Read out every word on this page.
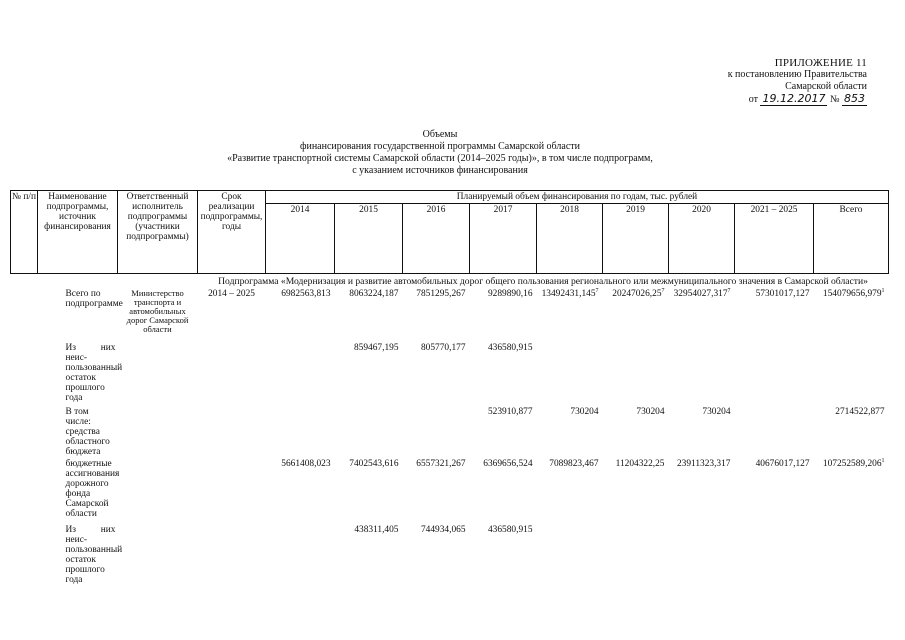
ПРИЛОЖЕНИЕ 11
к постановлению Правительства
Самарской области
от 19.12.2017 № 853
Объемы
финансирования государственной программы Самарской области
«Развитие транспортной системы Самарской области (2014–2025 годы)», в том числе подпрограмм,
с указанием источников финансирования
№ п/п	Наименование подпрограммы, источник финансирования	Ответственный исполнитель подпрограммы (участники подпрограммы)	Срок реализации подпрограммы, годы	Планируемый объем финансирования по годам, тыс. рублей								
				2014	2015	2016	2017	2018	2019	2020	2021 – 2025	Всего
			Подпрограмма «Модернизация и развитие автомобильных дорог общего пользования регионального или межмуниципального значения в Самарской области»									
	Всего по подпрограмме	Министерство транспорта и автомобильных дорог Самарской области	2014 – 2025	6982563,813	8063224,187	7851295,267	9289890,16	13492431,145$^7$	20247026,25$^7$	32954027,317$^7$	57301017,127	154079656,979$^1$
	Из них неис- пользованный остаток прошлого года				859467,195	805770,177	436580,915					
	В том числе: средства областного бюджета						523910,877	730204	730204	730204		2714522,877
	бюджетные ассигнования дорожного фонда Самарской области			5661408,023	7402543,616	6557321,267	6369656,524	7089823,467	11204322,25	23911323,317	40676017,127	107252589,206$^1$
	Из них неис- пользованный остаток прошлого года				438311,405	744934,065	436580,915					
